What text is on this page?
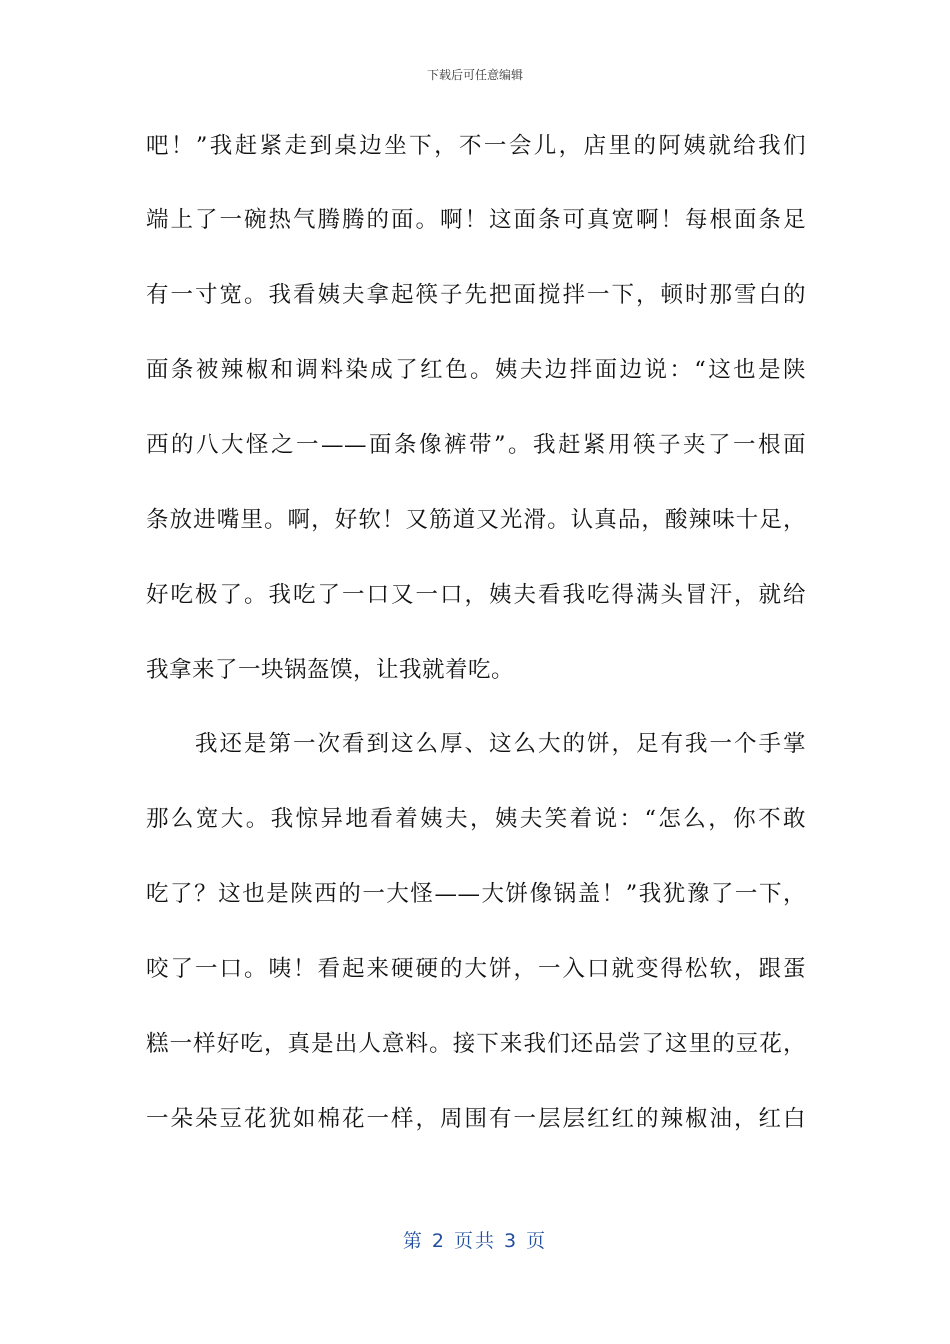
下载后可任意编辑
吧！”我赶紧走到桌边坐下，不一会儿，店里的阿姨就给我们
端上了一碗热气腾腾的面。啊！这面条可真宽啊！每根面条足
有一寸宽。我看姨夫拿起筷子先把面搅拌一下，顿时那雪白的
面条被辣椒和调料染成了红色。姨夫边拌面边说：“这也是陕
西的八大怪之一——面条像裤带”。我赶紧用筷子夹了一根面
条放进嘴里。啊，好软！又筋道又光滑。认真品，酸辣味十足，
好吃极了。我吃了一口又一口，姨夫看我吃得满头冒汗，就给
我拿来了一块锅盔馍，让我就着吃。
　　我还是第一次看到这么厚、这么大的饼，足有我一个手掌
那么宽大。我惊异地看着姨夫，姨夫笑着说：“怎么，你不敢
吃了？这也是陕西的一大怪——大饼像锅盖！”我犹豫了一下，
咬了一口。咦！看起来硬硬的大饼，一入口就变得松软，跟蛋
糕一样好吃，真是出人意料。接下来我们还品尝了这里的豆花，
一朵朵豆花犹如棉花一样，周围有一层层红红的辣椒油，红白
第 2 页共 3 页
